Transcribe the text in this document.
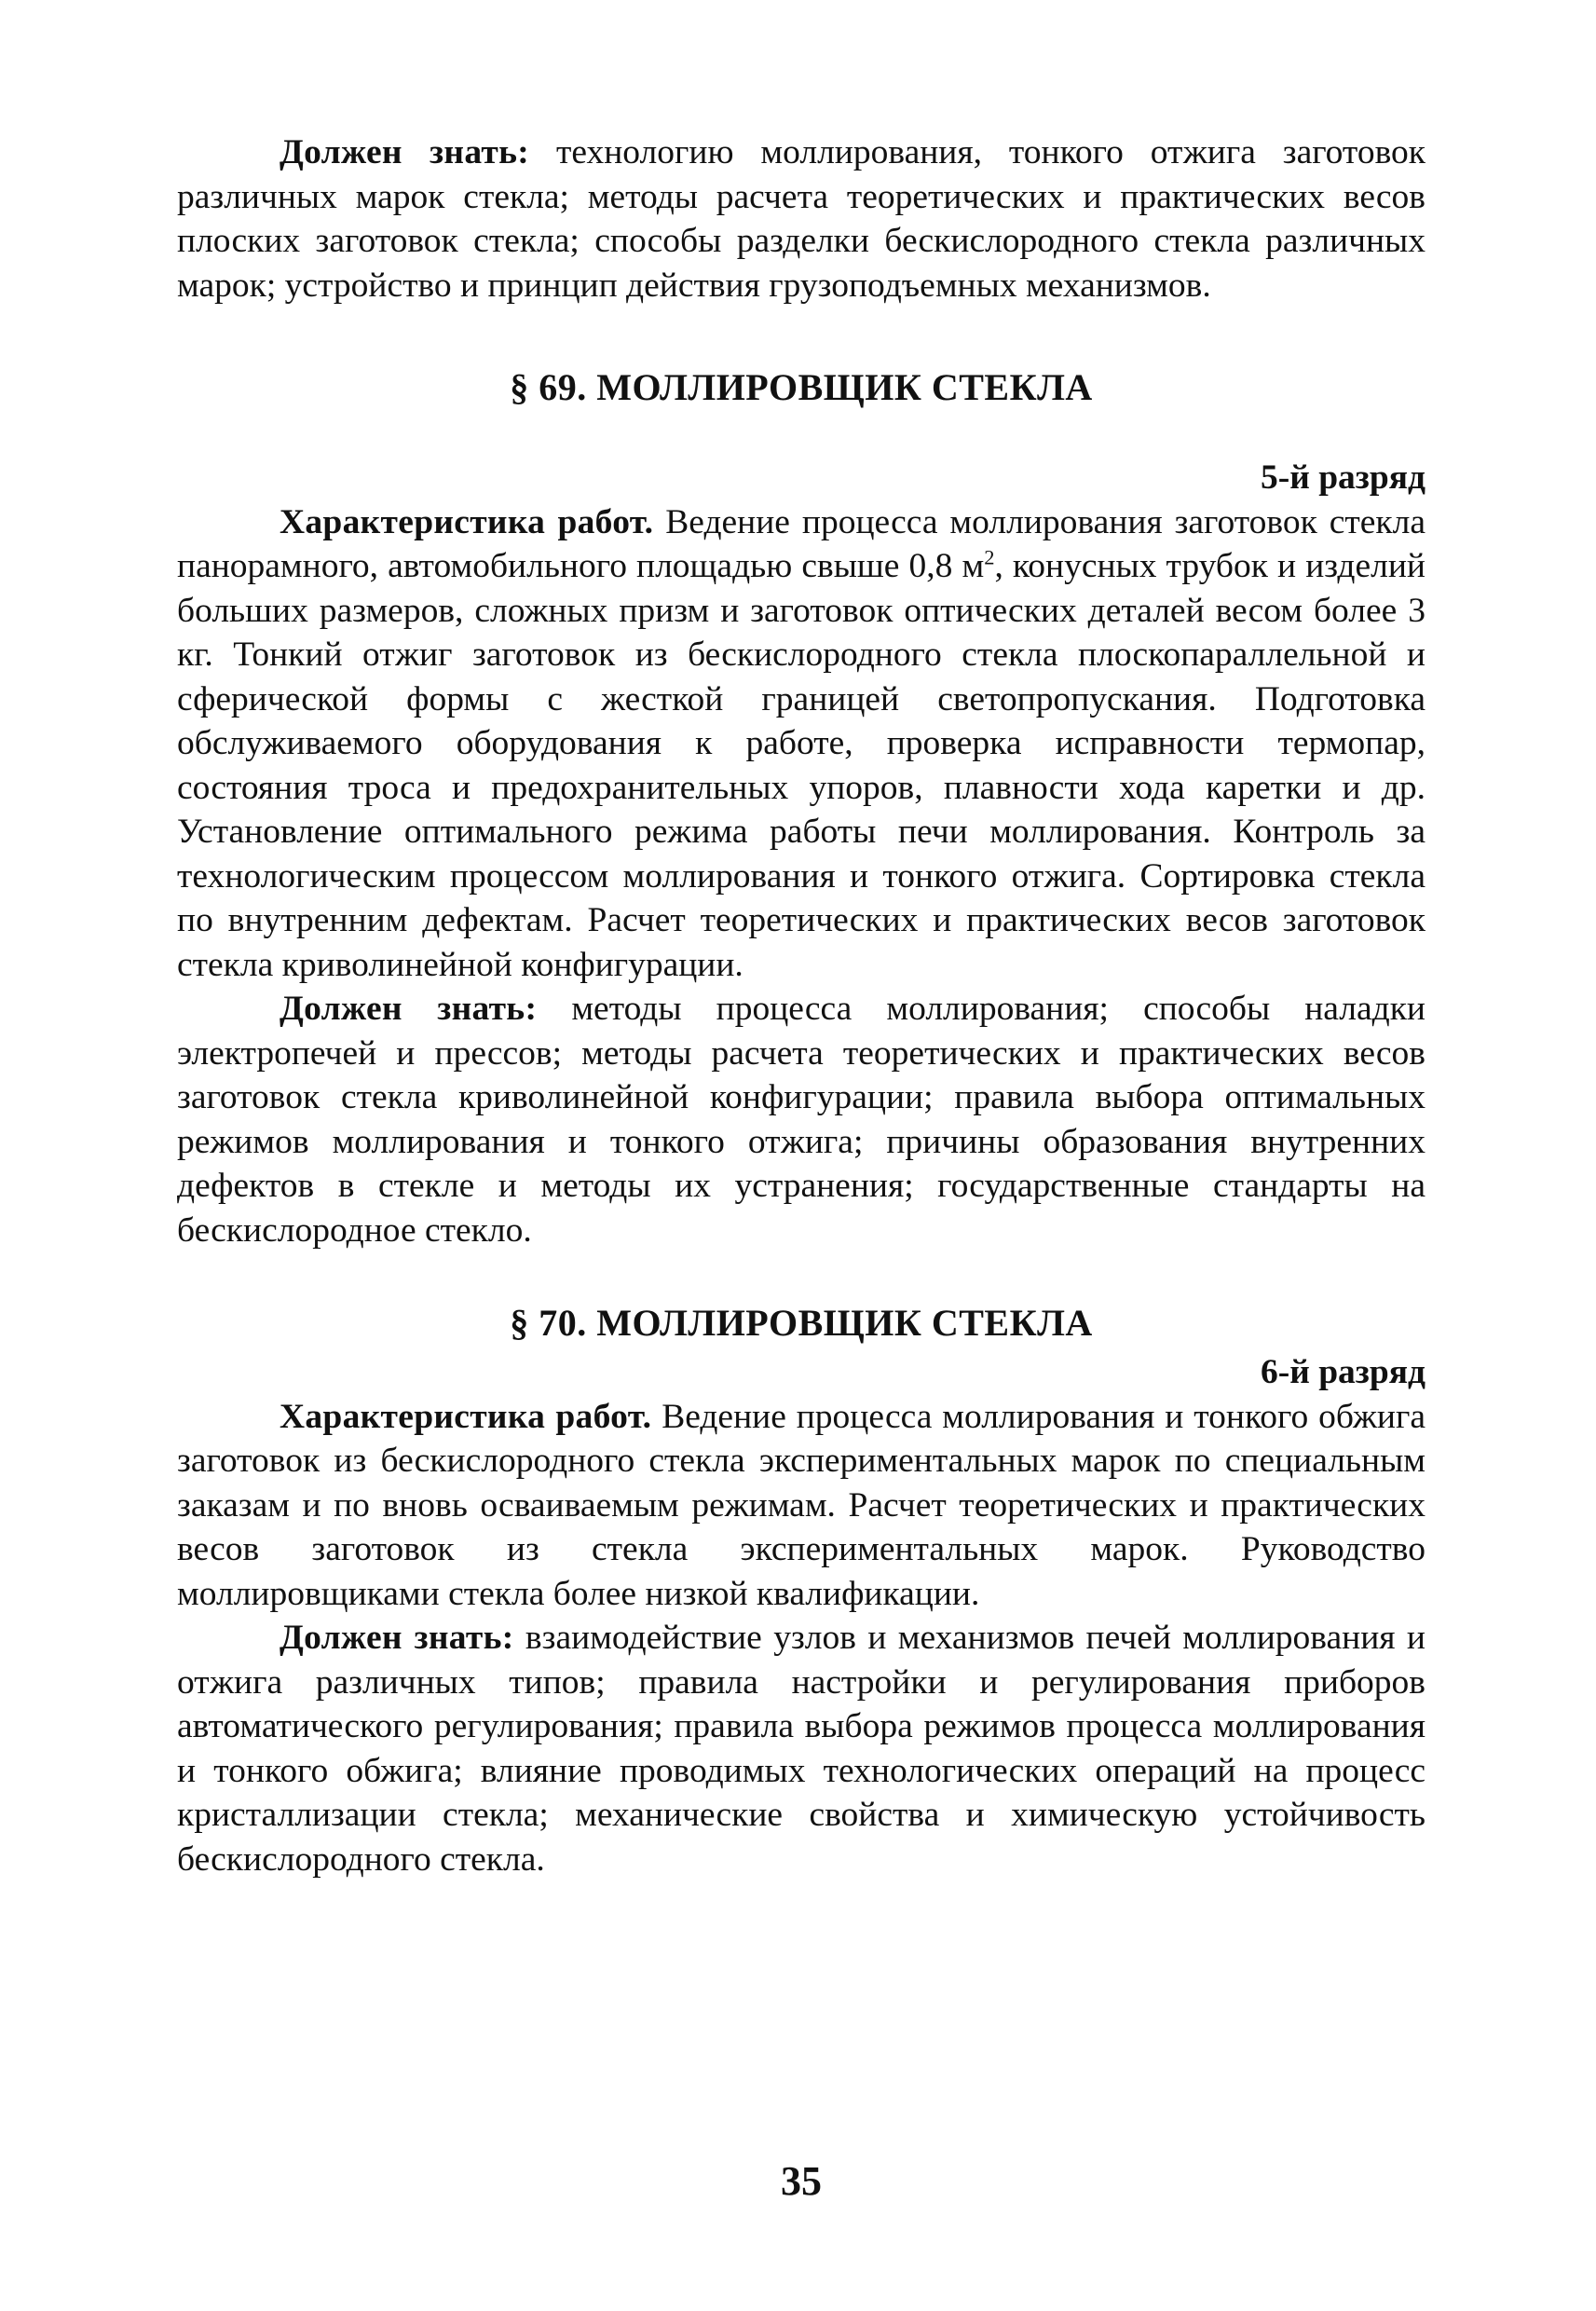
Должен знать: технологию моллирования, тонкого отжига заготовок различных марок стекла; методы расчета теоретических и практических весов плоских заготовок стекла; способы разделки бескислородного стекла различных марок; устройство и принцип действия грузоподъемных механизмов.

§ 69. МОЛЛИРОВЩИК СТЕКЛА

5-й разряд

Характеристика работ. Ведение процесса моллирования заготовок стекла панорамного, автомобильного площадью свыше 0,8 $м^2$, конусных трубок и изделий больших размеров, сложных призм и заготовок оптических деталей весом более 3 кг. Тонкий отжиг заготовок из бескислородного стекла плоскопараллельной и сферической формы с жесткой границей светопропускания. Подготовка обслуживаемого оборудования к работе, проверка исправности термопар, состояния троса и предохранительных упоров, плавности хода каретки и др. Установление оптимального режима работы печи моллирования. Контроль за технологическим процессом моллирования и тонкого отжига. Сортировка стекла по внутренним дефектам. Расчет теоретических и практических весов заготовок стекла криволинейной конфигурации.

Должен знать: методы процесса моллирования; способы наладки электропечей и прессов; методы расчета теоретических и практических весов заготовок стекла криволинейной конфигурации; правила выбора оптимальных режимов моллирования и тонкого отжига; причины образования внутренних дефектов в стекле и методы их устранения; государственные стандарты на бескислородное стекло.

§ 70. МОЛЛИРОВЩИК СТЕКЛА

6-й разряд

Характеристика работ. Ведение процесса моллирования и тонкого обжига заготовок из бескислородного стекла экспериментальных марок по специальным заказам и по вновь осваиваемым режимам. Расчет теоретических и практических весов заготовок из стекла экспериментальных марок. Руководство моллировщиками стекла более низкой квалификации.

Должен знать: взаимодействие узлов и механизмов печей моллирования и отжига различных типов; правила настройки и регулирования приборов автоматического регулирования; правила выбора режимов процесса моллирования и тонкого обжига; влияние проводимых технологических операций на процесс кристаллизации стекла; механические свойства и химическую устойчивость бескислородного стекла.

35
